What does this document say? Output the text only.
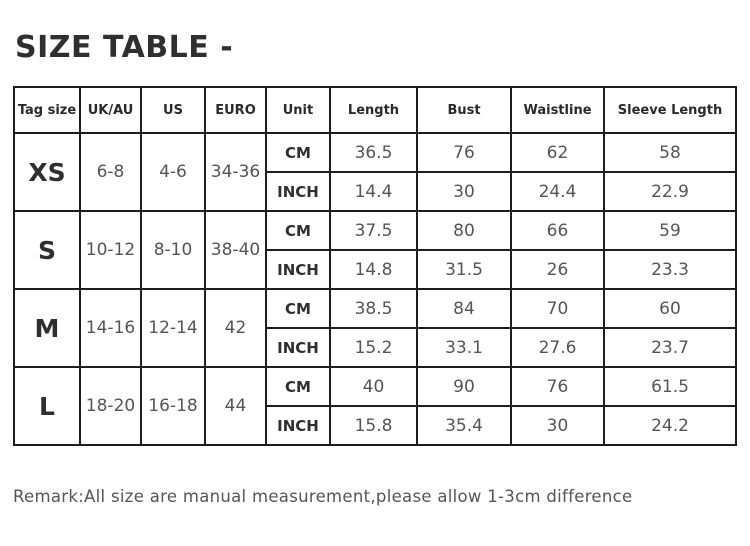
SIZE TABLE -
Tag size	UK/AU	US	EURO	Unit	Length	Bust	Waistline	Sleeve Length
XS	6-8	4-6	34-36	CM	36.5	76	62	58
				INCH	14.4	30	24.4	22.9
S	10-12	8-10	38-40	CM	37.5	80	66	59
				INCH	14.8	31.5	26	23.3
M	14-16	12-14	42	CM	38.5	84	70	60
				INCH	15.2	33.1	27.6	23.7
L	18-20	16-18	44	CM	40	90	76	61.5
				INCH	15.8	35.4	30	24.2
Remark:All size are manual measurement,please allow 1-3cm difference
